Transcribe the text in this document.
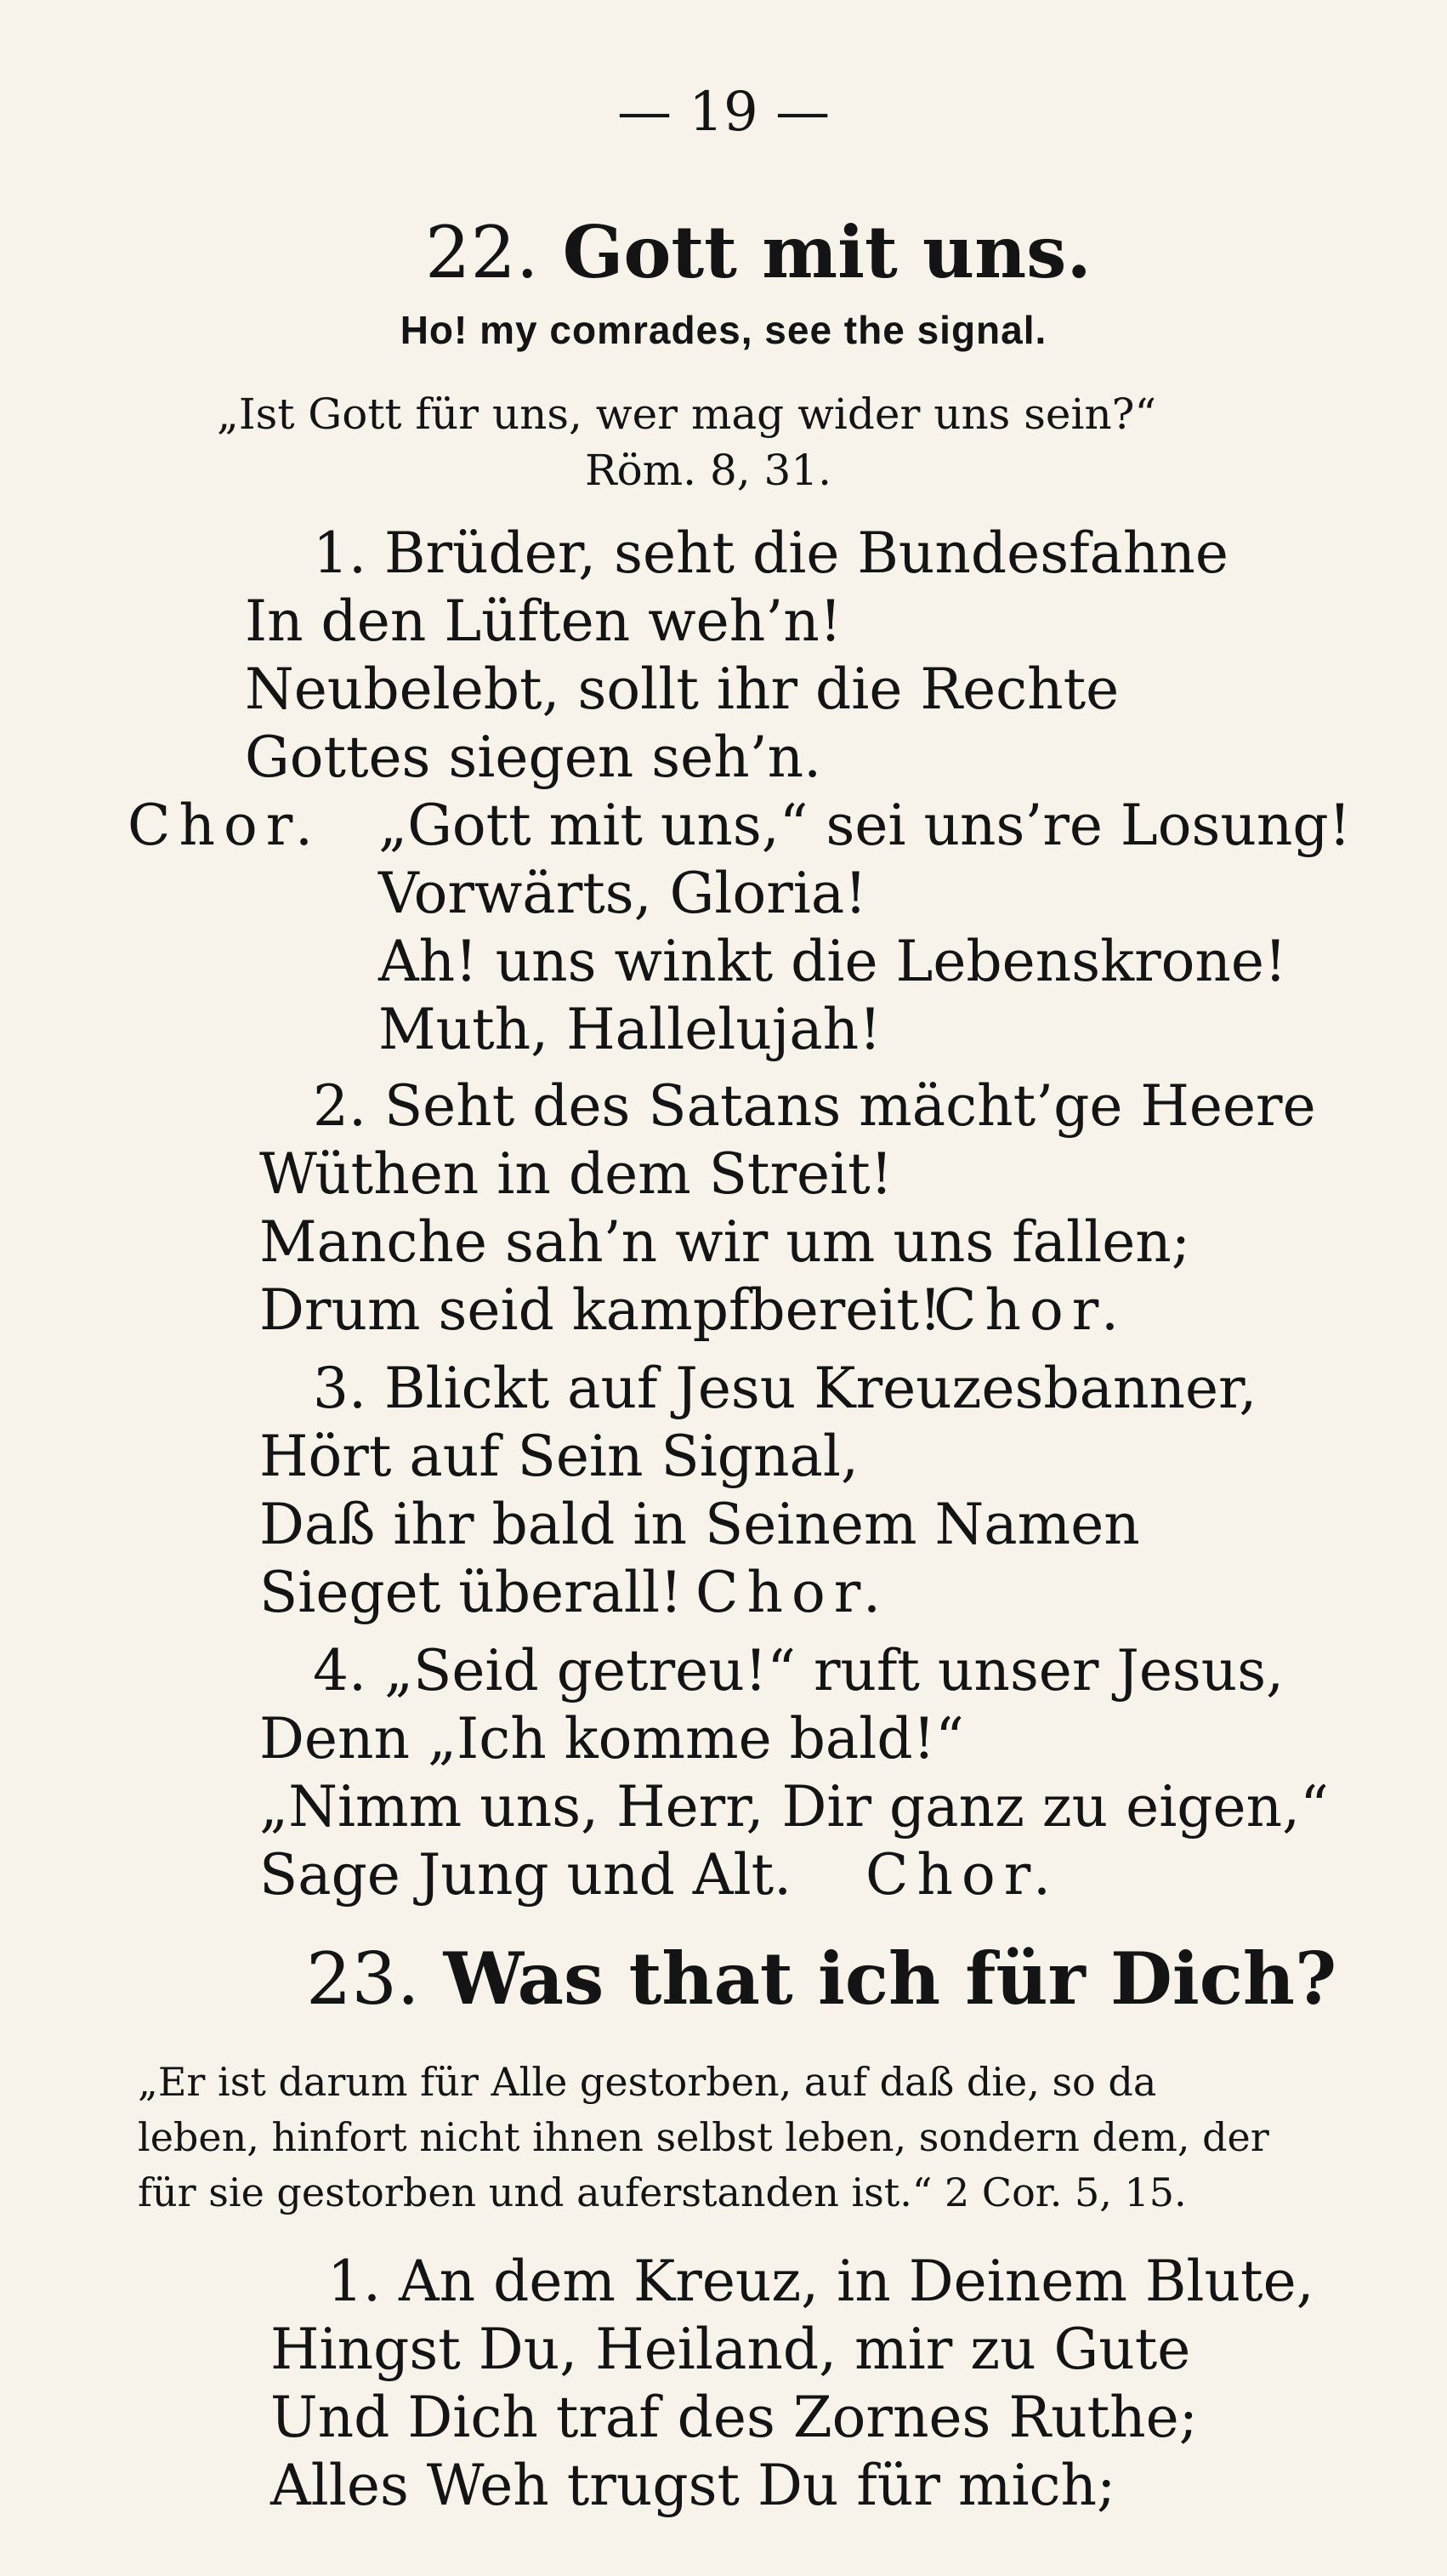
— 19 —
22. Gott mit uns.
Ho! my comrades, see the signal.
„Ist Gott für uns, wer mag wider uns sein?“
Röm. 8, 31.
1. Brüder, seht die Bundesfahne
In den Lüften weh’n!
Neubelebt, sollt ihr die Rechte
Gottes siegen seh’n.
Chor. „Gott mit uns,“ sei uns’re Losung!
Vorwärts, Gloria!
Ah! uns winkt die Lebenskrone!
Muth, Hallelujah!
2. Seht des Satans mächt’ge Heere
Wüthen in dem Streit!
Manche sah’n wir um uns fallen;
Drum seid kampfbereit!
Chor.
3. Blickt auf Jesu Kreuzesbanner,
Hört auf Sein Signal,
Daß ihr bald in Seinem Namen
Sieget überall! Chor.
4. „Seid getreu!“ ruft unser Jesus,
Denn „Ich komme bald!“
„Nimm uns, Herr, Dir ganz zu eigen,“
Sage Jung und Alt. Chor.
23. Was that ich für Dich?
„Er ist darum für Alle gestorben, auf daß die, so da
leben, hinfort nicht ihnen selbst leben, sondern dem, der
für sie gestorben und auferstanden ist.“ 2 Cor. 5, 15.
1. An dem Kreuz, in Deinem Blute,
Hingst Du, Heiland, mir zu Gute
Und Dich traf des Zornes Ruthe;
Alles Weh trugst Du für mich;
